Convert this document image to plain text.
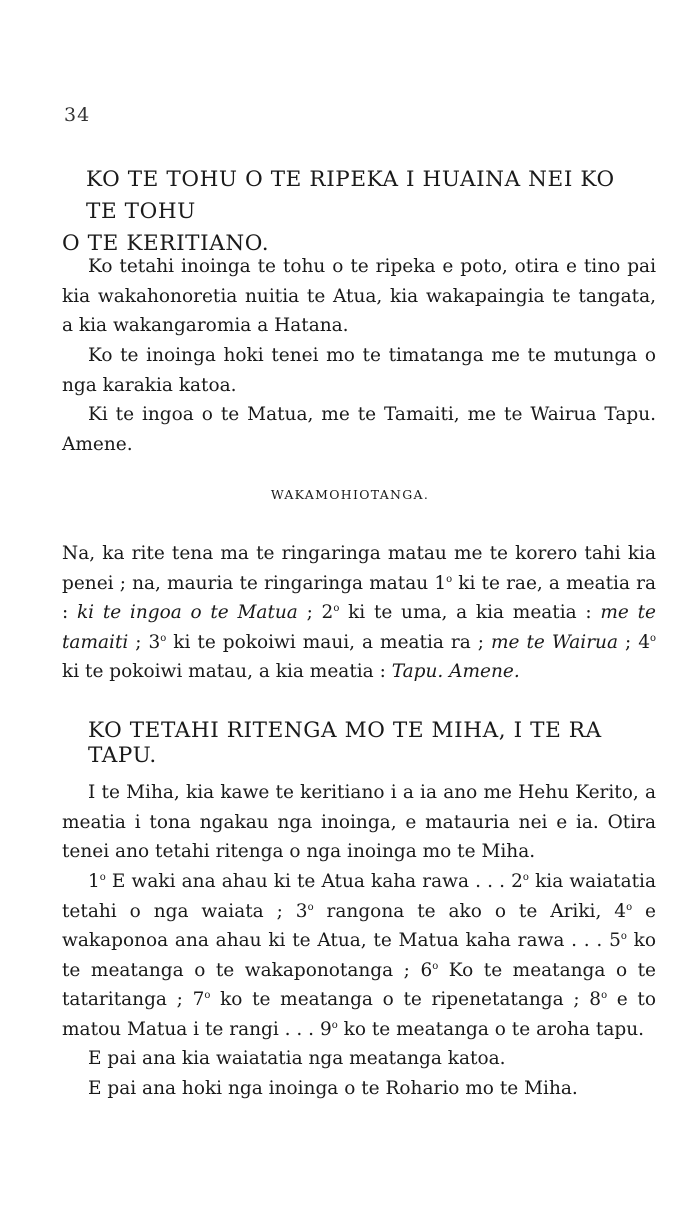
34
KO TE TOHU O TE RIPEKA I HUAINA NEI KO TE TOHU
O TE KERITIANO.

Ko tetahi inoinga te tohu o te ripeka e poto, otira e tino pai kia wakahonoretia nuitia te Atua, kia wakapaingia te tangata, a kia wakangaromia a Hatana.

Ko te inoinga hoki tenei mo te timatanga me te mutunga o nga karakia katoa.

Ki te ingoa o te Matua, me te Tamaiti, me te Wairua Tapu. Amene.

WAKAMOHIOTANGA.

Na, ka rite tena ma te ringaringa matau me te korero tahi kia penei ; na, mauria te ringaringa matau 1$^o$ ki te rae, a meatia ra : ki te ingoa o te Matua ; 2$^o$ ki te uma, a kia meatia : me te tamaiti ; 3$^o$ ki te pokoiwi maui, a meatia ra ; me te Wairua ; 4$^o$ ki te pokoiwi matau, a kia meatia : Tapu. Amene.

KO TETAHI RITENGA MO TE MIHA, I TE RA TAPU.

I te Miha, kia kawe te keritiano i a ia ano me Hehu Kerito, a meatia i tona ngakau nga inoinga, e matauria nei e ia. Otira tenei ano tetahi ritenga o nga inoinga mo te Miha.

1$^o$ E waki ana ahau ki te Atua kaha rawa . . . 2$^o$ kia waiatatia tetahi o nga waiata ; 3$^o$ rangona te ako o te Ariki, 4$^o$ e wakaponoa ana ahau ki te Atua, te Matua kaha rawa . . . 5$^o$ ko te meatanga o te wakaponotanga ; 6$^o$ Ko te meatanga o te tataritanga ; 7$^o$ ko te meatanga o te ripenetatanga ; 8$^o$ e to matou Matua i te rangi . . . 9$^o$ ko te meatanga o te aroha tapu.

E pai ana kia waiatatia nga meatanga katoa.

E pai ana hoki nga inoinga o te Rohario mo te Miha.
